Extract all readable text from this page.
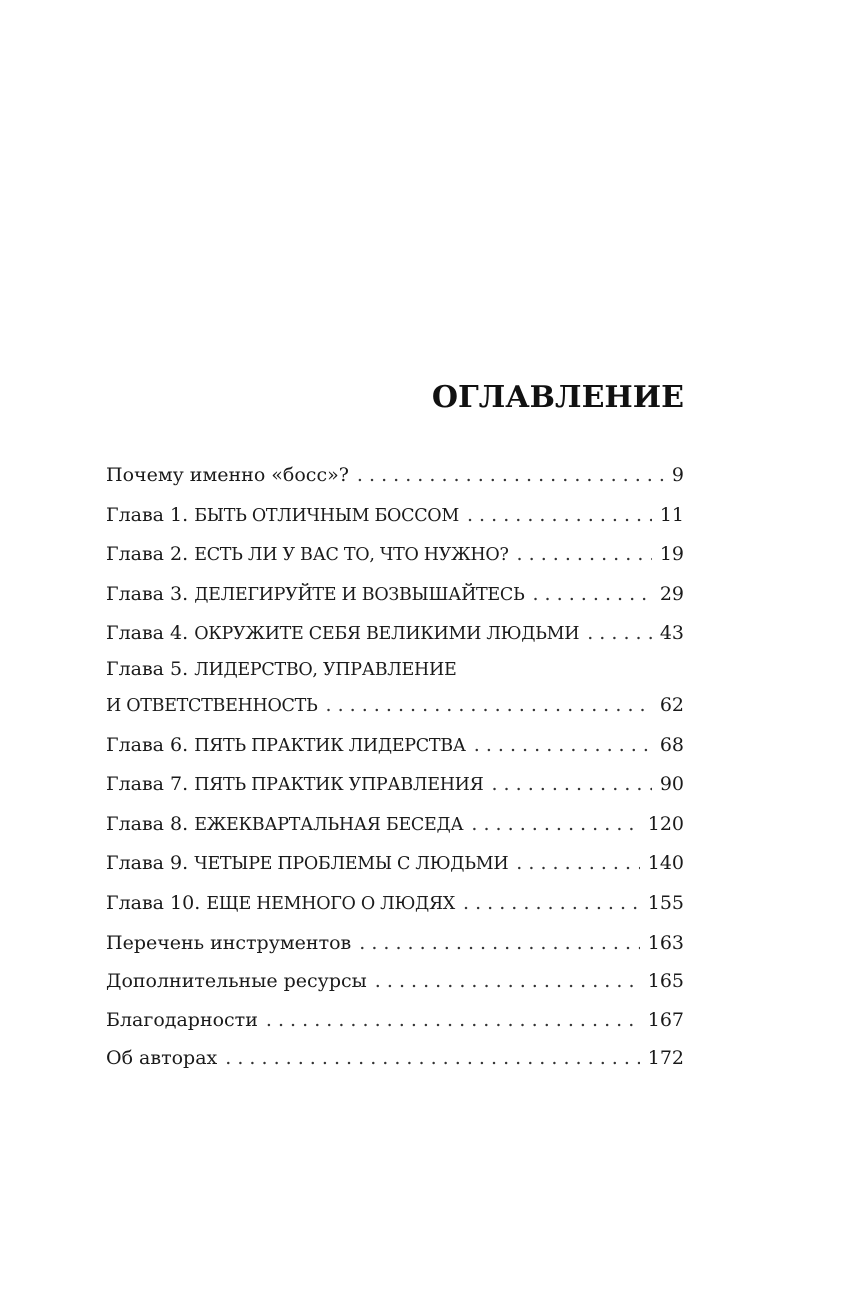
ОГЛАВЛЕНИЕ
Почему именно «босс»? . . .	9
Глава 1. БЫТЬ ОТЛИЧНЫМ БОССОМ . . .	11
Глава 2. ЕСТЬ ЛИ У ВАС ТО, ЧТО НУЖНО? . . .	19
Глава 3. ДЕЛЕГИРУЙТЕ И ВОЗВЫШАЙТЕСЬ . . .	29
Глава 4. ОКРУЖИТЕ СЕБЯ ВЕЛИКИМИ ЛЮДЬМИ . . .	43
Глава 5. ЛИДЕРСТВО, УПРАВЛЕНИЕ
И ОТВЕТСТВЕННОСТЬ . . .	62
Глава 6. ПЯТЬ ПРАКТИК ЛИДЕРСТВА . . .	68
Глава 7. ПЯТЬ ПРАКТИК УПРАВЛЕНИЯ . . .	90
Глава 8. ЕЖЕКВАРТАЛЬНАЯ БЕСЕДА . . .	120
Глава 9. ЧЕТЫРЕ ПРОБЛЕМЫ С ЛЮДЬМИ . . .	140
Глава 10. ЕЩЕ НЕМНОГО О ЛЮДЯХ . . .	155
Перечень инструментов . . .	163
Дополнительные ресурсы . . .	165
Благодарности . . .	167
Об авторах . . .	172
